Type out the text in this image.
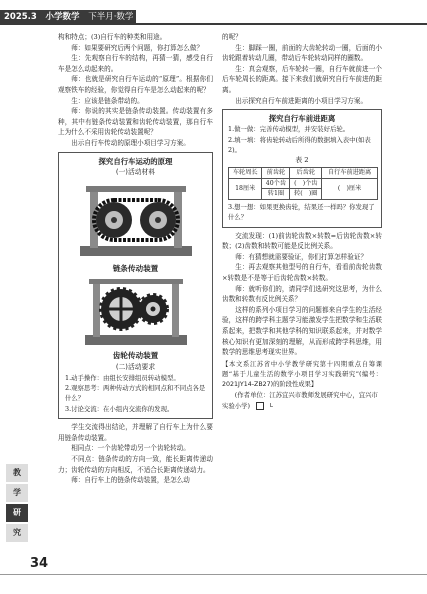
2025.3 小学数学 下半月·数学

构和特点；(3)自行车的种类和用途。

师：如果要研究后两个问题，你打算怎么做？

生：先观察自行车的结构，再猜一猜，感受自行车是怎么动起来的。

师：也就是研究自行车运动的“原理”。根据你们观察铁车的经验，你觉得自行车是怎么动起来的呢？

生：应该是链条带动的。

师：你说的其实是链条传动装置。传动装置有多种，其中有链条传动装置和齿轮传动装置，那自行车上为什么不采用齿轮传动装置呢？

出示自行车传动的原理小项目学习方案。

探究自行车运动的原理
(一)活动材料
链条传动装置
齿轮传动装置
(二)活动要求

1.动手操作：由组长安排组员转动模型。

2.观察思考：两种传动方式的相同点和不同点各是什么？

3.讨论交流：在小组内交流你的发现。

学生交流得出结论，并理解了自行车上为什么要用链条传动装置。

相同点：一个齿轮带动另一个齿轮转动。

不同点：链条传动的方向一致，能长距离传递动力；齿轮传动的方向相反，不适合长距离传递动力。

师：自行车上的链条传动装置，是怎么动

的呢？

生：脚踩一圈，前面的大齿轮转动一圈，后面的小齿轮跟着转动几圈，带动后车轮转动同样的圈数。

生：真会观察，后车轮转一圈，自行车就前进一个后车轮周长的距离。接下来我们就研究自行车前进的距离。

出示探究自行车前进距离的小项目学习方案。

探究自行车前进距离

1.做一做：完善传动模型，并安装好后轮。

2.填一填：将齿轮转动后所得的数据填入表中(如表2)。

表 2
车轮周长	前齿轮	后齿轮	自行车前进距离
18厘米	40个齿	(　)个齿	(　)厘米
	转1圈	转(　)圈	

3.想一想：如果更换齿轮，结果还一样吗？你发现了什么？

交流发现：(1)前齿轮齿数×转数=后齿轮齿数×转数；(2)齿数和转数可能是反比例关系。

师：有猜想就需要验证，你们打算怎样验证？

生：再去观察其他型号的自行车，看看前齿轮齿数×转数是不是等于后齿轮齿数×转数。

师：就听你们的，请同学们选研究这思考，为什么齿数和转数有反比例关系？

这样的系列小项目学习的问题都来自学生的生活经验，这样的跨学科主题学习能激发学生把数学和生活联系起来，把数学和其他学科的知识联系起来，并对数学核心知识有更加深刻的理解，从而形成跨学科思维，用数学的思维思考现实世界。

【本文系江苏省中小学教学研究第十四期重点自筹课题“基于儿童生活的数学小项目学习实践研究”(编号：2021JY14-ZB27)的阶段性成果】

(作者单位：江苏宜兴市教师发展研究中心，宜兴市实验小学)	L

教
学
研
究
34
